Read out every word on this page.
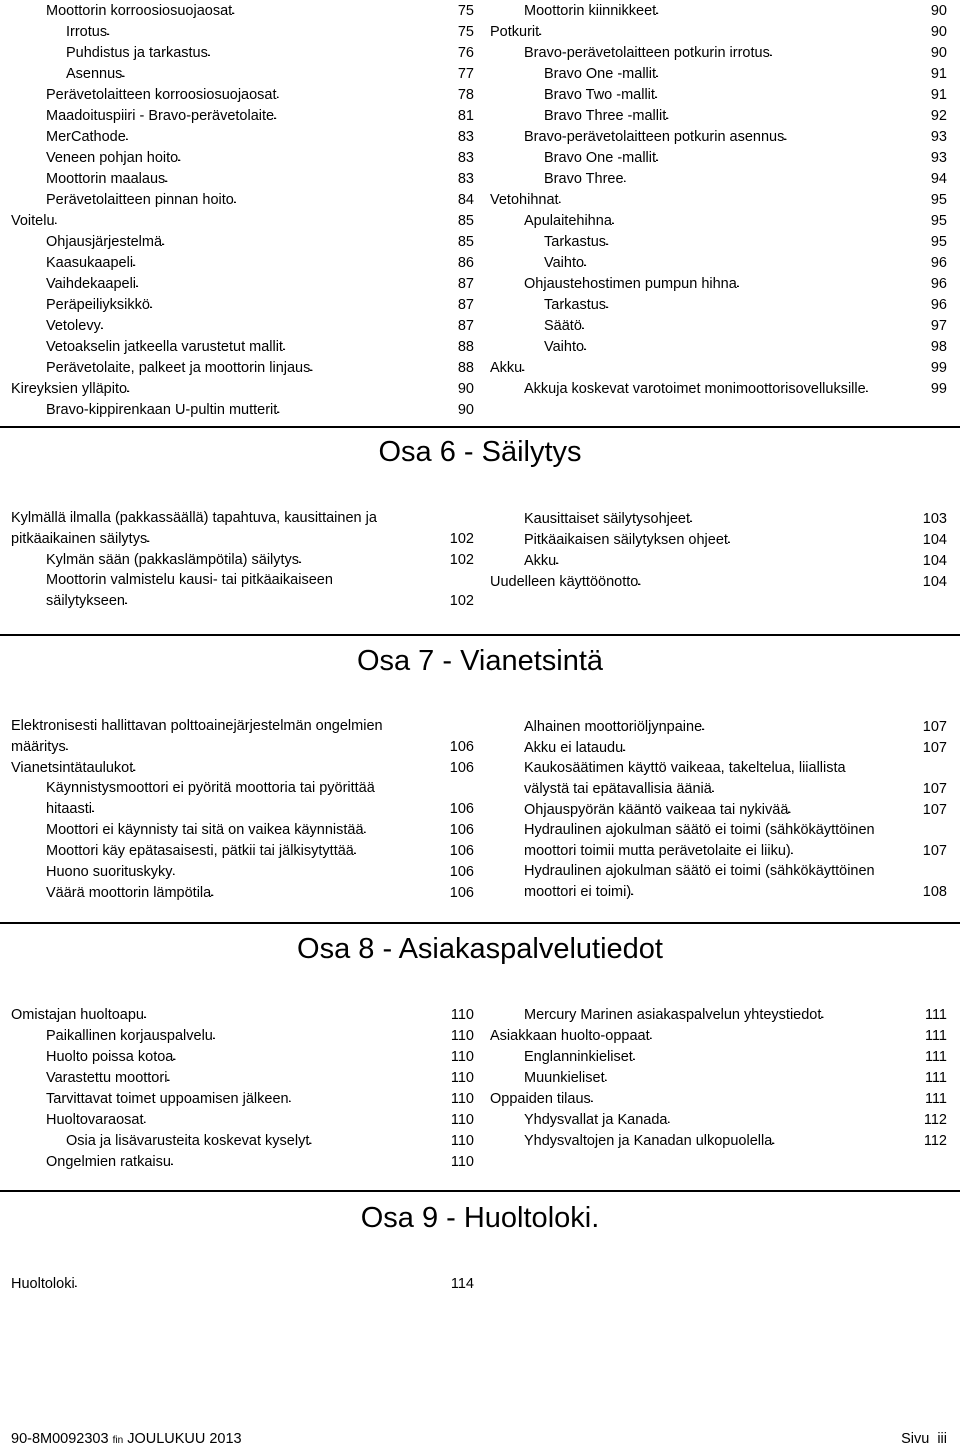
Moottorin korroosiosuojaosat . . .	75
Irrotus . . .	75
Puhdistus ja tarkastus . . .	76
Asennus . . .	77
Perävetolaitteen korroosiosuojaosat . . .	78
Maadoituspiiri - Bravo-perävetolaite . . .	81
MerCathode . . .	83
Veneen pohjan hoito . . .	83
Moottorin maalaus . . .	83
Perävetolaitteen pinnan hoito . . .	84
Voitelu . . .	85
Ohjausjärjestelmä . . .	85
Kaasukaapeli . . .	86
Vaihdekaapeli . . .	87
Peräpeiliyksikkö . . .	87
Vetolevy . . .	87
Vetoakselin jatkeella varustetut mallit . . .	88
Perävetolaite, palkeet ja moottorin linjaus . . .	88
Kireyksien ylläpito . . .	90
Bravo-kippirenkaan U-pultin mutterit . . .	90
Moottorin kiinnikkeet . . .	90
Potkurit . . .	90
Bravo-perävetolaitteen potkurin irrotus . . .	90
Bravo One -mallit . . .	91
Bravo Two -mallit . . .	91
Bravo Three -mallit . . .	92
Bravo-perävetolaitteen potkurin asennus . . .	93
Bravo One -mallit . . .	93
Bravo Three . . .	94
Vetohihnat . . .	95
Apulaitehihna . . .	95
Tarkastus . . .	95
Vaihto . . .	96
Ohjaustehostimen pumpun hihna . . .	96
Tarkastus . . .	96
Säätö . . .	97
Vaihto . . .	98
Akku . . .	99
Akkuja koskevat varotoimet monimoottorisovelluksille . . .	99
Osa 6 - Säilytys
Kylmällä ilmalla (pakkassäällä) tapahtuva, kausittainen ja
pitkäaikainen säilytys . . .	102
Kylmän sään (pakkaslämpötila) säilytys . . .	102
Moottorin valmistelu kausi- tai pitkäaikaiseen
säilytykseen . . .	102
Kausittaiset säilytysohjeet . . .	103
Pitkäaikaisen säilytyksen ohjeet . . .	104
Akku . . .	104
Uudelleen käyttöönotto . . .	104
Osa 7 - Vianetsintä
Elektronisesti hallittavan polttoainejärjestelmän ongelmien
määritys . . .	106
Vianetsintätaulukot . . .	106
Käynnistysmoottori ei pyöritä moottoria tai pyörittää
hitaasti . . .	106
Moottori ei käynnisty tai sitä on vaikea käynnistää . . .	106
Moottori käy epätasaisesti, pätkii tai jälkisytyttää . . .	106
Huono suorituskyky . . .	106
Väärä moottorin lämpötila . . .	106
Alhainen moottoriöljynpaine . . .	107
Akku ei lataudu . . .	107
Kaukosäätimen käyttö vaikeaa, takeltelua, liiallista
välystä tai epätavallisia ääniä . . .	107
Ohjauspyörän kääntö vaikeaa tai nykivää . . .	107
Hydraulinen ajokulman säätö ei toimi (sähkökäyttöinen
moottori toimii mutta perävetolaite ei liiku) . . .	107
Hydraulinen ajokulman säätö ei toimi (sähkökäyttöinen
moottori ei toimi) . . .	108
Osa 8 - Asiakaspalvelutiedot
Omistajan huoltoapu . . .	110
Paikallinen korjauspalvelu . . .	110
Huolto poissa kotoa . . .	110
Varastettu moottori . . .	110
Tarvittavat toimet uppoamisen jälkeen . . .	110
Huoltovaraosat . . .	110
Osia ja lisävarusteita koskevat kyselyt . . .	110
Ongelmien ratkaisu . . .	110
Mercury Marinen asiakaspalvelun yhteystiedot . . .	111
Asiakkaan huolto-oppaat . . .	111
Englanninkieliset . . .	111
Muunkieliset . . .	111
Oppaiden tilaus . . .	111
Yhdysvallat ja Kanada . . .	112
Yhdysvaltojen ja Kanadan ulkopuolella . . .	112
Osa 9 - Huoltoloki.
Huoltoloki . . .	114
90-8M0092303 fin JOULUKUU 2013	Sivu  iii
